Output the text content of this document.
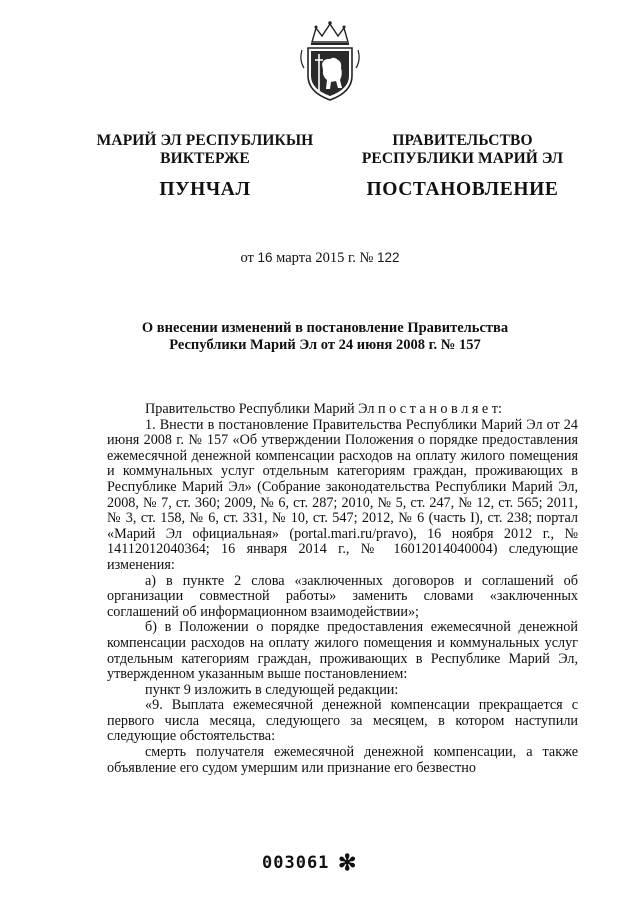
МАРИЙ ЭЛ РЕСПУБЛИКЫН
ВИКТЕРЖЕ
ПУНЧАЛ
ПРАВИТЕЛЬСТВО
РЕСПУБЛИКИ МАРИЙ ЭЛ
ПОСТАНОВЛЕНИЕ
от 16 марта 2015 г. № 122
О внесении изменений в постановление Правительства
Республики Марий Эл от 24 июня 2008 г. № 157

Правительство Республики Марий Эл п о с т а н о в л я е т:

1. Внести в постановление Правительства Республики Марий Эл от 24 июня 2008 г. № 157 «Об утверждении Положения о порядке предоставления ежемесячной денежной компенсации расходов на оплату жилого помещения и коммунальных услуг отдельным категориям граждан, проживающих в Республике Марий Эл» (Собрание законодательства Республики Марий Эл, 2008, № 7, ст. 360; 2009, № 6, ст. 287; 2010, № 5, ст. 247, № 12, ст. 565; 2011, № 3, ст. 158, № 6, ст. 331, № 10, ст. 547; 2012, № 6 (часть I), ст. 238; портал «Марий Эл официальная» (portal.mari.ru/pravo), 16 ноября 2012 г., № 14112012040364; 16 января 2014 г., № 16012014040004) следующие изменения:

а) в пункте 2 слова «заключенных договоров и соглашений об организации совместной работы» заменить словами «заключенных соглашений об информационном взаимодействии»;

б) в Положении о порядке предоставления ежемесячной денежной компенсации расходов на оплату жилого помещения и коммунальных услуг отдельным категориям граждан, проживающих в Республике Марий Эл, утвержденном указанным выше постановлением:

пункт 9 изложить в следующей редакции:

«9. Выплата ежемесячной денежной компенсации прекращается с первого числа месяца, следующего за месяцем, в котором наступили следующие обстоятельства:

смерть получателя ежемесячной денежной компенсации, а также объявление его судом умершим или признание его безвестно

003061 ✻
